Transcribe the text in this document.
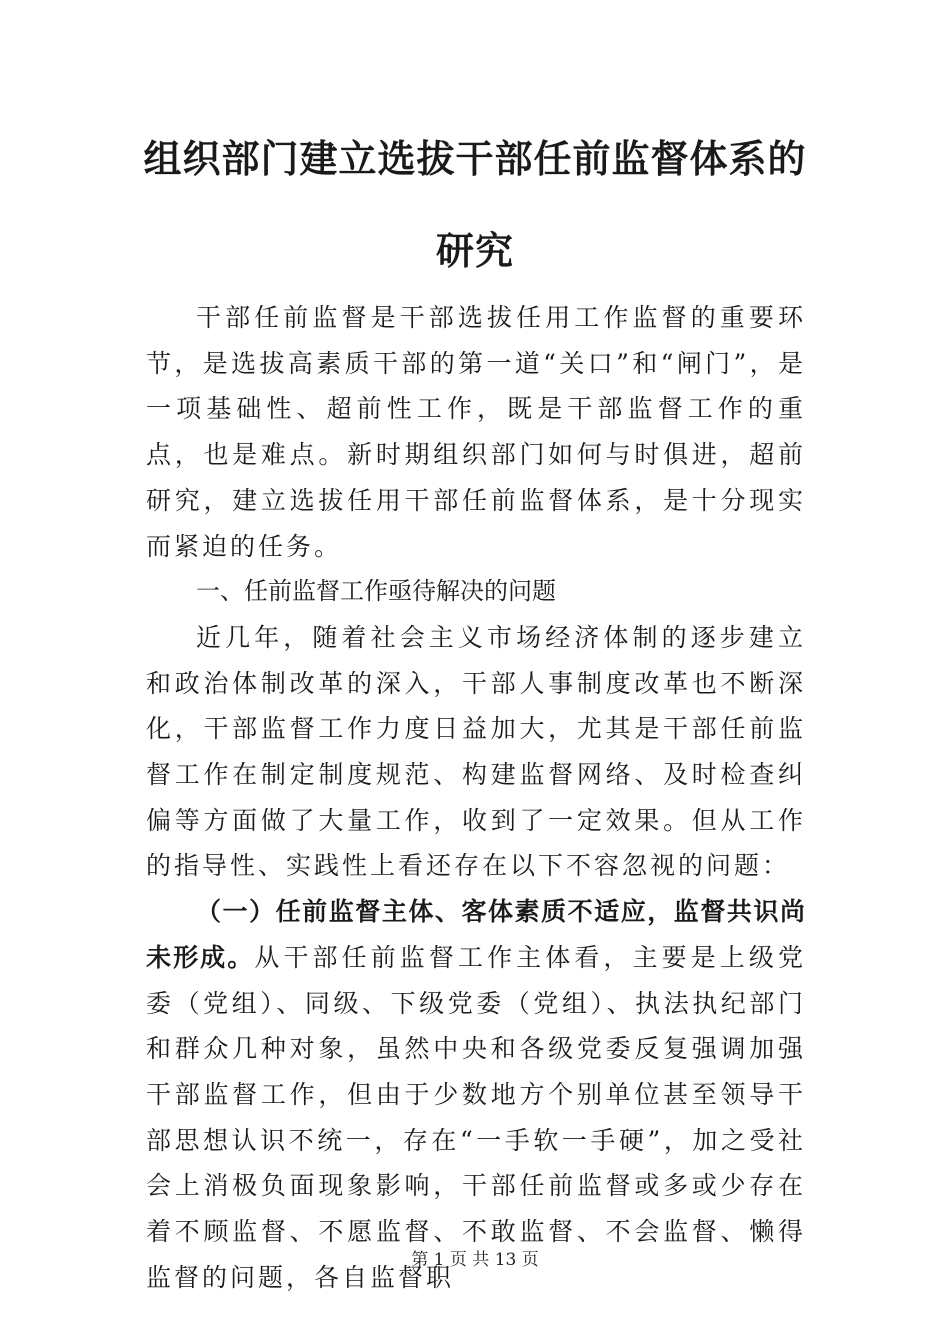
组织部门建立选拔干部任前监督体系的
研究

干部任前监督是干部选拔任用工作监督的重要环节，是选拔高素质干部的第一道“关口”和“闸门”，是一项基础性、超前性工作，既是干部监督工作的重点，也是难点。新时期组织部门如何与时俱进，超前研究，建立选拔任用干部任前监督体系，是十分现实而紧迫的任务。

一、任前监督工作亟待解决的问题

近几年，随着社会主义市场经济体制的逐步建立和政治体制改革的深入，干部人事制度改革也不断深化，干部监督工作力度日益加大，尤其是干部任前监督工作在制定制度规范、构建监督网络、及时检查纠偏等方面做了大量工作，收到了一定效果。但从工作的指导性、实践性上看还存在以下不容忽视的问题：

（一）任前监督主体、客体素质不适应，监督共识尚未形成。从干部任前监督工作主体看，主要是上级党委（党组）、同级、下级党委（党组）、执法执纪部门和群众几种对象，虽然中央和各级党委反复强调加强干部监督工作，但由于少数地方个别单位甚至领导干部思想认识不统一，存在“一手软一手硬”，加之受社会上消极负面现象影响，干部任前监督或多或少存在着不顾监督、不愿监督、不敢监督、不会监督、懒得监督的问题，各自监督职

第 1 页 共 13 页
